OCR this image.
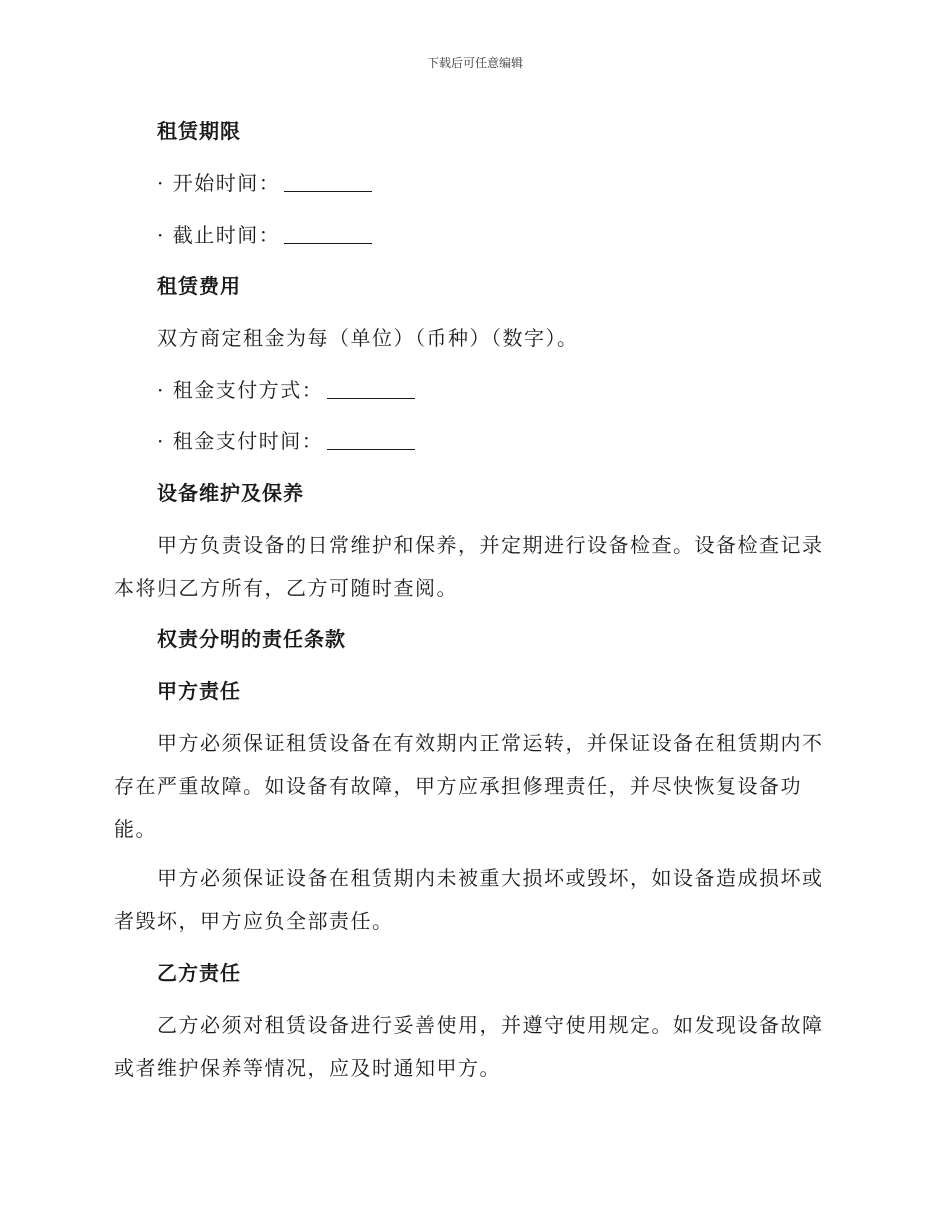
下载后可任意编辑
租赁期限
· 开始时间：
· 截止时间：
租赁费用
双方商定租金为每（单位）（币种）（数字）。
· 租金支付方式：
· 租金支付时间：
设备维护及保养
甲方负责设备的日常维护和保养，并定期进行设备检查。设备检查记录
本将归乙方所有，乙方可随时查阅。
权责分明的责任条款
甲方责任
甲方必须保证租赁设备在有效期内正常运转，并保证设备在租赁期内不
存在严重故障。如设备有故障，甲方应承担修理责任，并尽快恢复设备功
能。
甲方必须保证设备在租赁期内未被重大损坏或毁坏，如设备造成损坏或
者毁坏，甲方应负全部责任。
乙方责任
乙方必须对租赁设备进行妥善使用，并遵守使用规定。如发现设备故障
或者维护保养等情况，应及时通知甲方。
